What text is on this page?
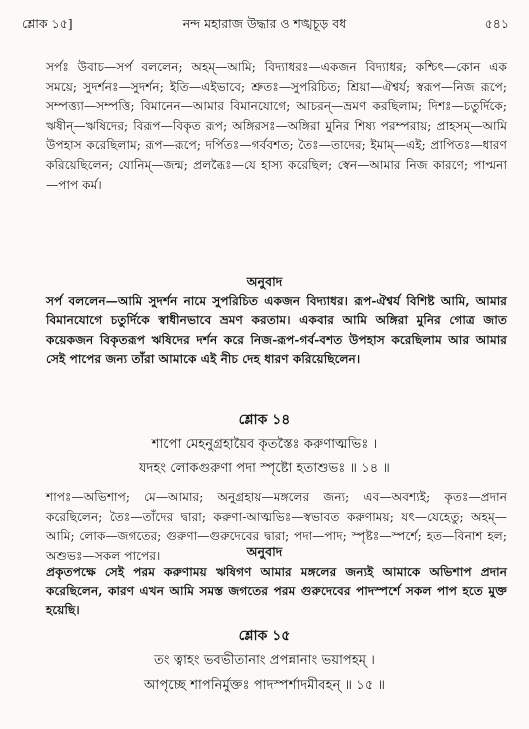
শ্লোক ১৫]	নন্দ মহারাজ উদ্ধার ও শঙ্খচূড় বধ	৫৪১
সর্পঃ উবাচ—সর্প বললেন; অহম্—আমি; বিদ্যাধরঃ—একজন বিদ্যাধর; কশ্চিৎ—কোন এক সময়ে; সুদর্শনঃ—সুদর্শন; ইতি—এইভাবে; শ্রুতঃ—সুপরিচিত; শ্রিয়া—ঐশ্বর্য; স্বরূপ—নিজ রূপে; সম্পত্ত্যা—সম্পত্তি; বিমানেন—আমার বিমানযোগে; আচরন্—ভ্রমণ করছিলাম; দিশঃ—চতুর্দিকে; ঋষীন্—ঋষিদের; বিরূপ—বিকৃত রূপ; অঙ্গিরসঃ—অঙ্গিরা মুনির শিষ্য পরম্পরায়; প্রাহসম্—আমি উপহাস করেছিলাম; রূপ—রূপে; দর্পিতঃ—গর্ববশত; তৈঃ—তাদের; ইমাম্—এই; প্রাপিতঃ—ধারণ করিয়েছিলেন; যোনিম্—জন্ম; প্রলব্ধৈঃ—যে হাস্য করেছিল; স্বেন—আমার নিজ কারণে; পাপ্মনা—পাপ কর্ম।
অনুবাদ
সর্প বললেন—আমি সুদর্শন নামে সুপরিচিত একজন বিদ্যাধর। রূপ-ঐশ্বর্য বিশিষ্ট আমি, আমার বিমানযোগে চতুর্দিকে স্বাধীনভাবে ভ্রমণ করতাম। একবার আমি অঙ্গিরা মুনির গোত্র জাত কয়েকজন বিকৃতরূপ ঋষিদের দর্শন করে নিজ-রূপ-গর্ব-বশত উপহাস করেছিলাম আর আমার সেই পাপের জন্য তাঁরা আমাকে এই নীচ দেহ ধারণ করিয়েছিলেন।
শ্লোক ১৪
শাপো মেহনুগ্রহায়ৈব কৃতস্তৈঃ করুণাত্মভিঃ ।
যদহং লোকগুরুণা পদা স্পৃষ্টো হতাশুভঃ ॥ ১৪ ॥
শাপঃ—অভিশাপ; মে—আমার; অনুগ্রহায়—মঙ্গলের জন্য; এব—অবশ্যই; কৃতঃ—প্রদান করেছিলেন; তৈঃ—তাঁদের দ্বারা; করুণা-আত্মভিঃ—স্বভাবত করুণাময়; যৎ—যেহেতু; অহম্—আমি; লোক—জগতের; গুরুণা—গুরুদেবের দ্বারা; পদা—পাদ; স্পৃষ্টঃ—স্পর্শে; হত—বিনাশ হল; অশুভঃ—সকল পাপের।	অনুবাদ
প্রকৃতপক্ষে সেই পরম করুণাময় ঋষিগণ আমার মঙ্গলের জন্যই আমাকে অভিশাপ প্রদান করেছিলেন, কারণ এখন আমি সমস্ত জগতের পরম গুরুদেবের পাদস্পর্শে সকল পাপ হতে মুক্ত হয়েছি।
শ্লোক ১৫
তং ত্বাহং ভবভীতানাং প্রপন্নানাং ভয়াপহম্ ।
আপৃচ্ছে শাপনির্মুক্তঃ পাদস্পর্শাদমীবহন্ ॥ ১৫ ॥
